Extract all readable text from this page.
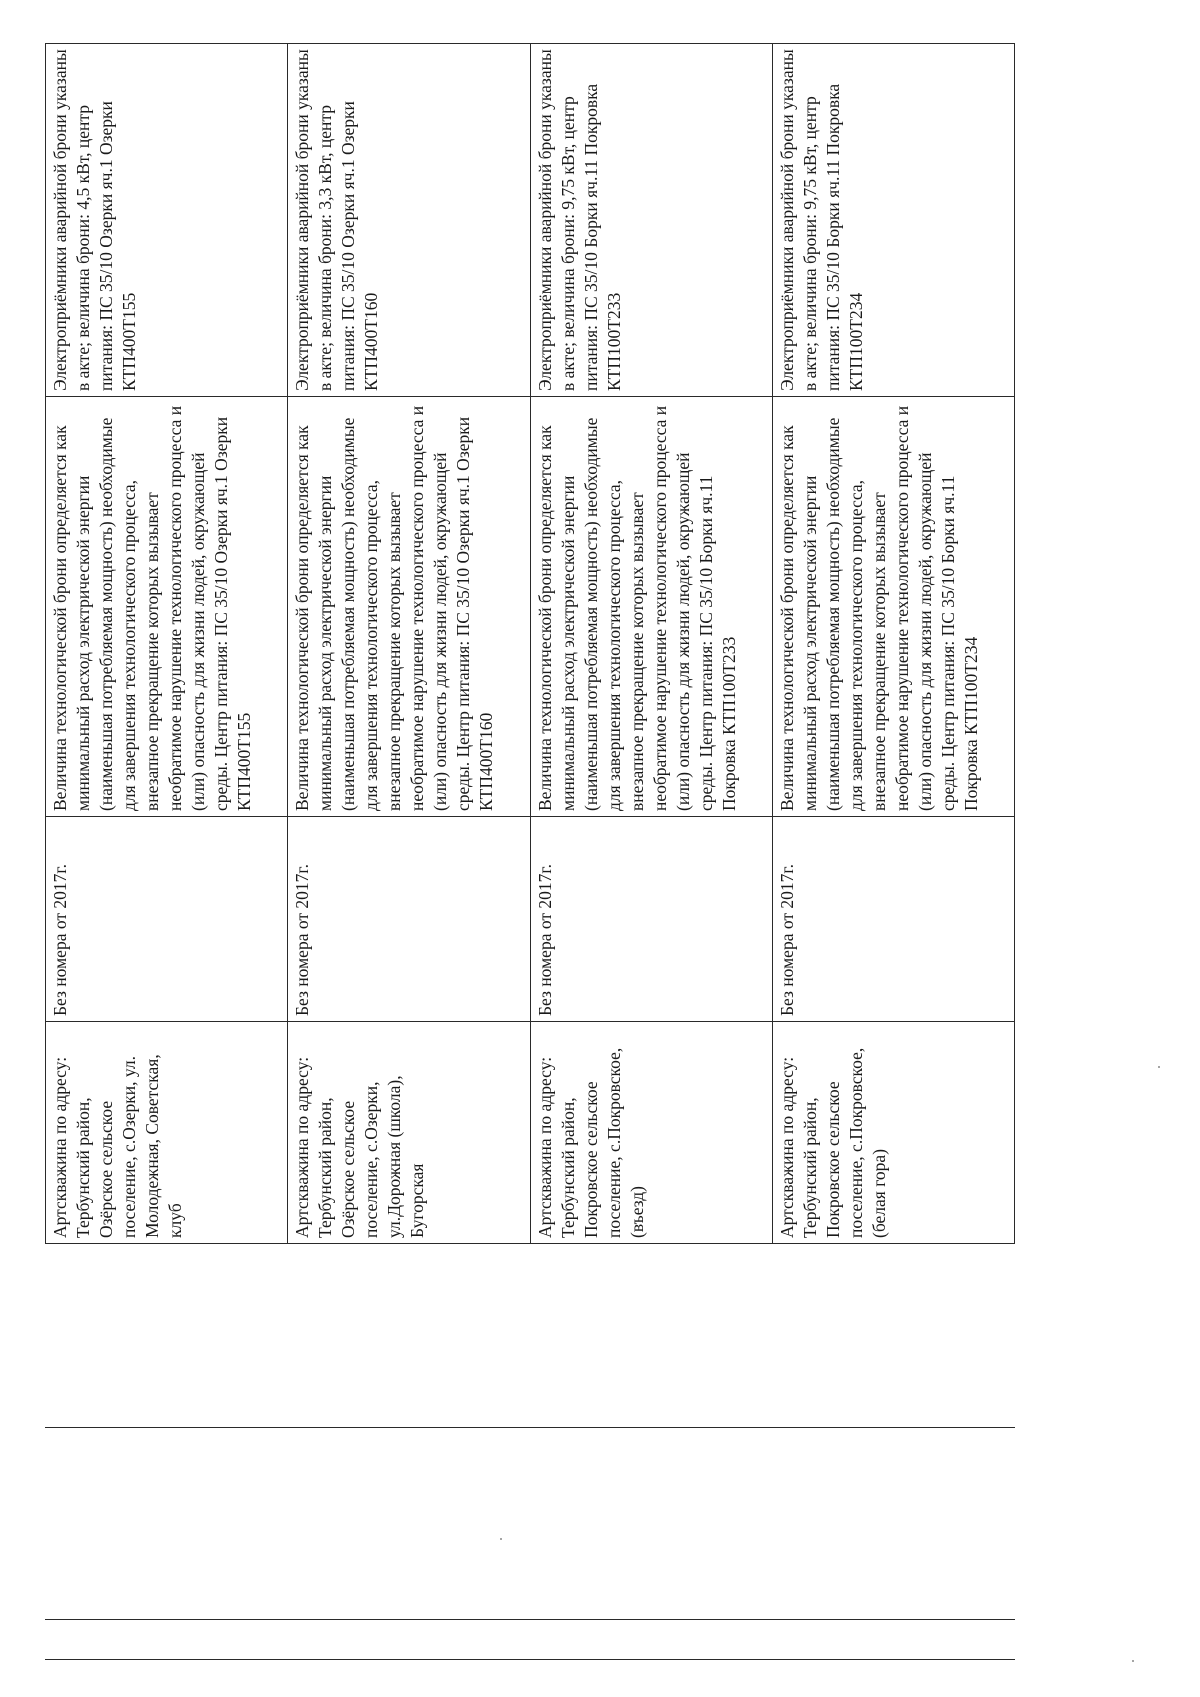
Артскважина по адресу: Тербунский район, Озёрское сельское поселение, с.Озерки, ул. Молодежная, Советская, клуб	Без номера от 2017г.	Величина технологической брони определяется как минимальный расход электрической энергии (наименьшая потребляемая мощность) необходимые для завершения технологического процесса, внезапное прекращение которых вызывает необратимое нарушение технологического процесса и (или) опасность для жизни людей, окружающей среды. Центр питания: ПС 35/10 Озерки яч.1 Озерки КТП400Т155	Электроприёмники аварийной брони указаны в акте; величина брони: 4,5 кВт, центр питания: ПС 35/10 Озерки яч.1 Озерки КТП400Т155
Артскважина по адресу: Тербунский район, Озёрское сельское поселение, с.Озерки, ул.Дорожная (школа), Бугорская	Без номера от 2017г.	Величина технологической брони определяется как минимальный расход электрической энергии (наименьшая потребляемая мощность) необходимые для завершения технологического процесса, внезапное прекращение которых вызывает необратимое нарушение технологического процесса и (или) опасность для жизни людей, окружающей среды. Центр питания: ПС 35/10 Озерки яч.1 Озерки КТП400Т160	Электроприёмники аварийной брони указаны в акте; величина брони: 3,3 кВт, центр питания: ПС 35/10 Озерки яч.1 Озерки КТП400Т160
Артскважина по адресу: Тербунский район, Покровское сельское поселение, с.Покровское, (въезд)	Без номера от 2017г.	Величина технологической брони определяется как минимальный расход электрической энергии (наименьшая потребляемая мощность) необходимые для завершения технологического процесса, внезапное прекращение которых вызывает необратимое нарушение технологического процесса и (или) опасность для жизни людей, окружающей среды. Центр питания: ПС 35/10 Борки яч.11 Покровка КТП100Т233	Электроприёмники аварийной брони указаны в акте; величина брони: 9,75 кВт, центр питания: ПС 35/10 Борки яч.11 Покровка КТП100Т233
Артскважина по адресу: Тербунский район, Покровское сельское поселение, с.Покровское, (белая гора)	Без номера от 2017г.	Величина технологической брони определяется как минимальный расход электрической энергии (наименьшая потребляемая мощность) необходимые для завершения технологического процесса, внезапное прекращение которых вызывает необратимое нарушение технологического процесса и (или) опасность для жизни людей, окружающей среды. Центр питания: ПС 35/10 Борки яч.11 Покровка КТП100Т234	Электроприёмники аварийной брони указаны в акте; величина брони: 9,75 кВт, центр питания: ПС 35/10 Борки яч.11 Покровка КТП100Т234
